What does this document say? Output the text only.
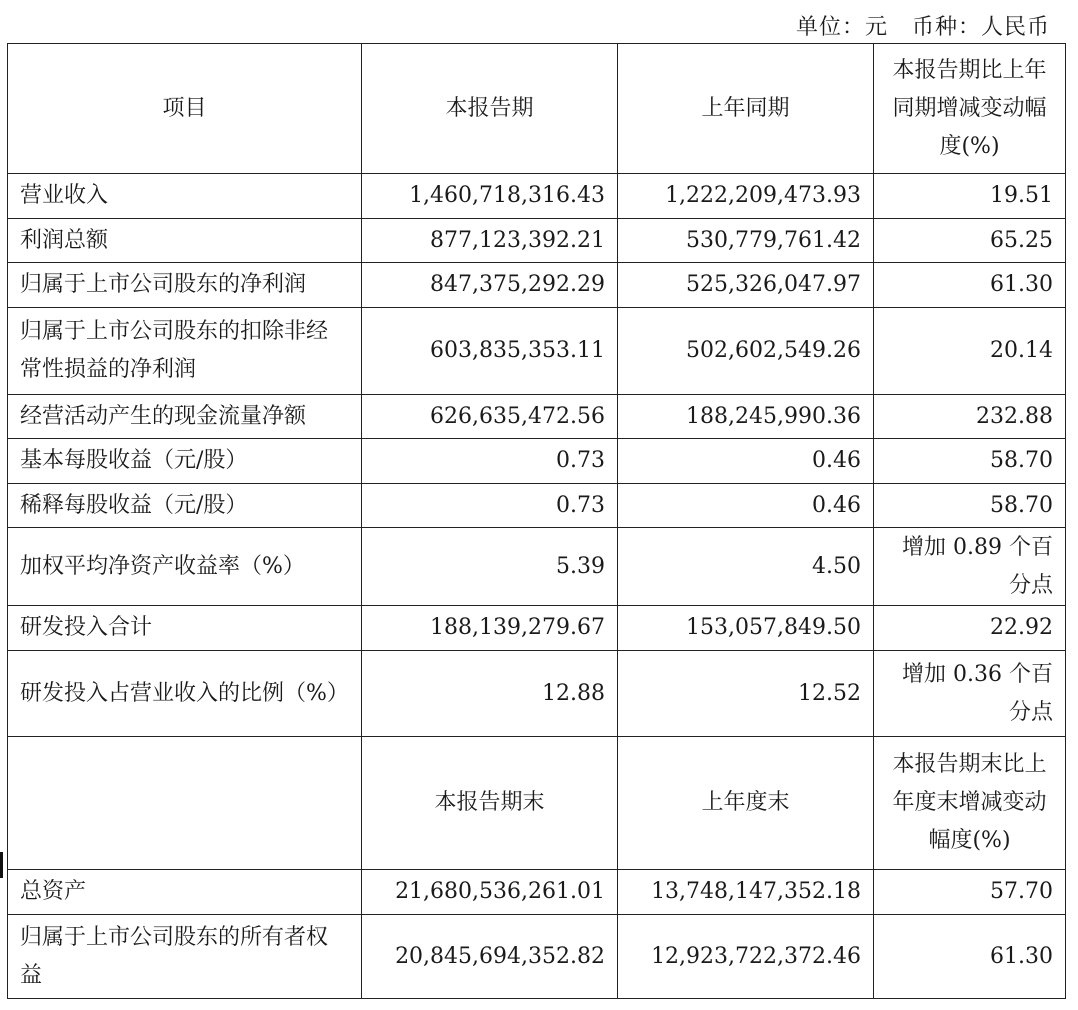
单位：元   币种：人民币
项目	本报告期	上年同期	本报告期比上年同期增减变动幅度(%)
营业收入	1,460,718,316.43	1,222,209,473.93	19.51
利润总额	877,123,392.21	530,779,761.42	65.25
归属于上市公司股东的净利润	847,375,292.29	525,326,047.97	61.30
归属于上市公司股东的扣除非经常性损益的净利润	603,835,353.11	502,602,549.26	20.14
经营活动产生的现金流量净额	626,635,472.56	188,245,990.36	232.88
基本每股收益（元/股）	0.73	0.46	58.70
稀释每股收益（元/股）	0.73	0.46	58.70
加权平均净资产收益率（%）	5.39	4.50	增加 0.89 个百分点
研发投入合计	188,139,279.67	153,057,849.50	22.92
研发投入占营业收入的比例（%）	12.88	12.52	增加 0.36 个百分点
	本报告期末	上年度末	本报告期末比上年度末增减变动幅度(%)
总资产	21,680,536,261.01	13,748,147,352.18	57.70
归属于上市公司股东的所有者权益	20,845,694,352.82	12,923,722,372.46	61.30
